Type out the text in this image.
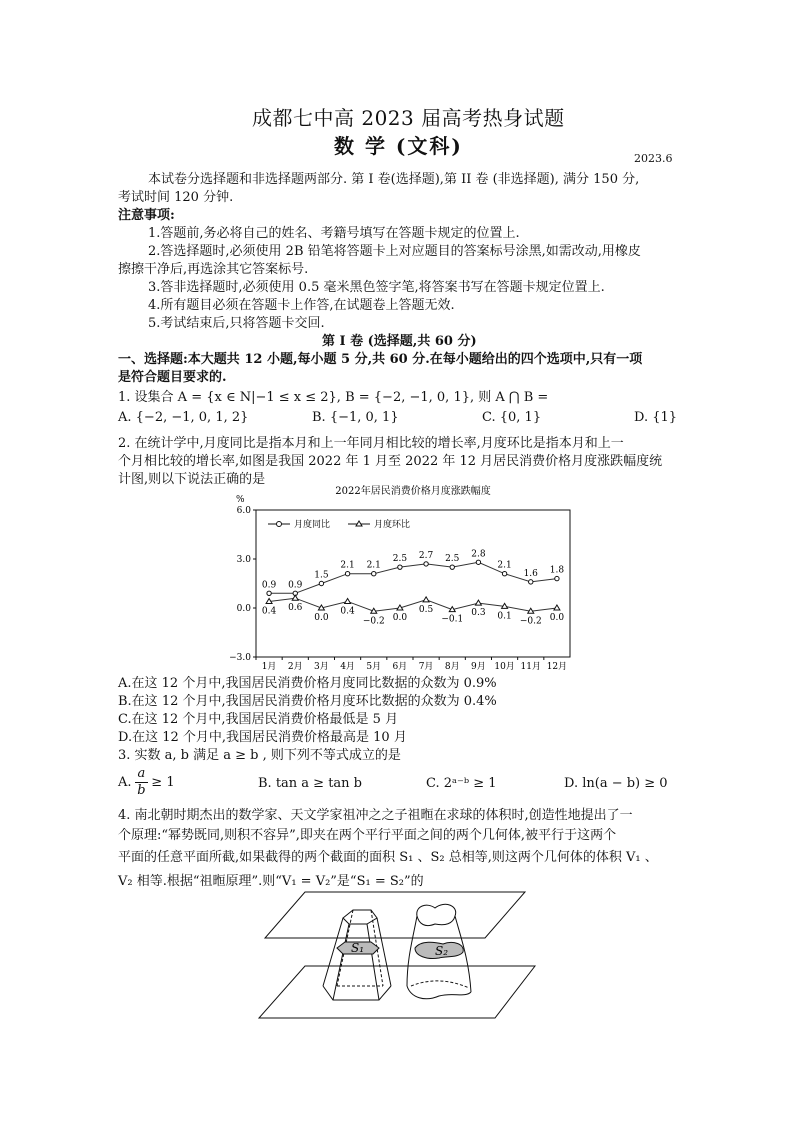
成都七中高 2023 届高考热身试题
数 学 (文科)
2023.6
本试卷分选择题和非选择题两部分. 第 I 卷(选择题),第 II 卷 (非选择题), 满分 150 分,
考试时间 120 分钟.
注意事项:
1.答题前,务必将自己的姓名、考籍号填写在答题卡规定的位置上.
2.答选择题时,必须使用 2B 铅笔将答题卡上对应题目的答案标号涂黑,如需改动,用橡皮
擦擦干净后,再选涂其它答案标号.
3.答非选择题时,必须使用 0.5 毫米黑色签字笔,将答案书写在答题卡规定位置上.
4.所有题目必须在答题卡上作答,在试题卷上答题无效.
5.考试结束后,只将答题卡交回.
第 I 卷 (选择题,共 60 分)
一、选择题:本大题共 12 小题,每小题 5 分,共 60 分.在每小题给出的四个选项中,只有一项
是符合题目要求的.
1. 设集合 A = {x ∈ N|−1 ≤ x ≤ 2}, B = {−2, −1, 0, 1}, 则 A ⋂ B =
A. {−2, −1, 0, 1, 2}	B. {−1, 0, 1}	C. {0, 1}	D. {1}
2. 在统计学中,月度同比是指本月和上一年同月相比较的增长率,月度环比是指本月和上一
个月相比较的增长率,如图是我国 2022 年 1 月至 2022 年 12 月居民消费价格月度涨跌幅度统
计图,则以下说法正确的是
2022年居民消费价格月度涨跌幅度
%
6.0
3.0
0.0
−3.0
1月 2月 3月 4月 5月 6月 7月 8月 9月 10月 11月 12月
月度同比	月度环比
0.9 0.9
1.5
2.1 2.1
2.5 2.7 2.5 2.8
2.1
1.6 1.8
0.4 0.6
0.0
0.4
−0.2 0.0
0.5
−0.1
0.3 0.1 −0.2 0.0
A.在这 12 个月中,我国居民消费价格月度同比数据的众数为 0.9%
B.在这 12 个月中,我国居民消费价格月度环比数据的众数为 0.4%
C.在这 12 个月中,我国居民消费价格最低是 5 月
D.在这 12 个月中,我国居民消费价格最高是 10 月
3. 实数 a, b 满足 a ≥ b , 则下列不等式成立的是
A. $\frac{a}{b} \ge 1$	B. tan a ≥ tan b	C. 2ᵃ⁻ᵇ ≥ 1	D. ln(a − b) ≥ 0
4. 南北朝时期杰出的数学家、天文学家祖冲之之子祖暅在求球的体积时,创造性地提出了一
个原理:“幂势既同,则积不容异”,即夹在两个平行平面之间的两个几何体,被平行于这两个
平面的任意平面所截,如果截得的两个截面的面积 S₁ 、S₂ 总相等,则这两个几何体的体积 V₁ 、
V₂ 相等.根据“祖暅原理”.则“V₁ = V₂”是“S₁ = S₂”的
S₁	S₂
